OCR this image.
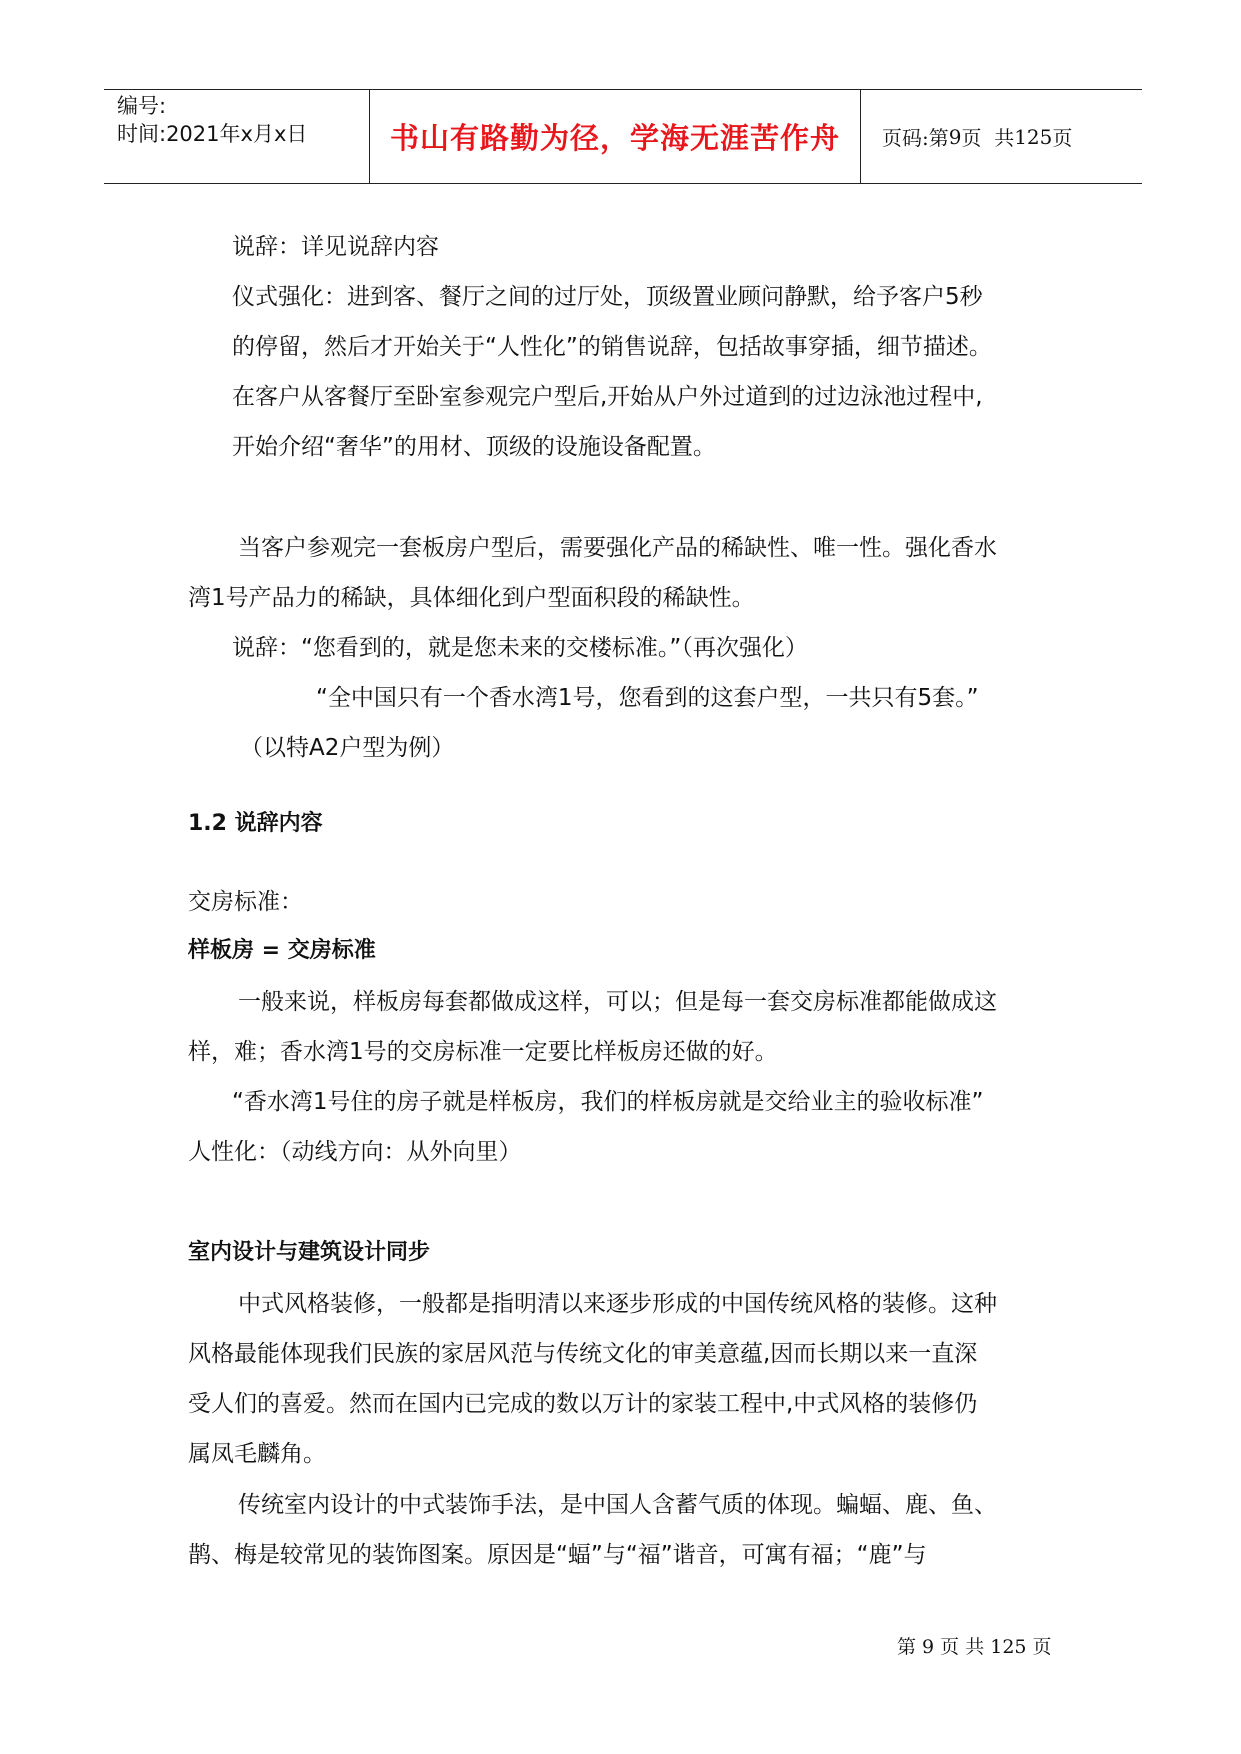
编号:
时间:2021年x月x日	书山有路勤为径，学海无涯苦作舟	页码:第 9 页  共 125 页
说辞：详见说辞内容
仪式强化：进到客、餐厅之间的过厅处，顶级置业顾问静默，给予客户5秒
的停留，然后才开始关于“人性化”的销售说辞，包括故事穿插，细节描述。
在客户从客餐厅至卧室参观完户型后,开始从户外过道到的过边泳池过程中,
开始介绍“奢华”的用材、顶级的设施设备配置。
当客户参观完一套板房户型后，需要强化产品的稀缺性、唯一性。强化香水
湾1号产品力的稀缺，具体细化到户型面积段的稀缺性。
说辞：“您看到的，就是您未来的交楼标准。”（再次强化）
“全中国只有一个香水湾1号，您看到的这套户型，一共只有5套。”
（以特A2户型为例）
1.2 说辞内容
交房标准：
样板房 = 交房标准
一般来说，样板房每套都做成这样，可以；但是每一套交房标准都能做成这
样，难；香水湾1号的交房标准一定要比样板房还做的好。
“香水湾1号住的房子就是样板房，我们的样板房就是交给业主的验收标准”
人性化：（动线方向：从外向里）
室内设计与建筑设计同步
中式风格装修，一般都是指明清以来逐步形成的中国传统风格的装修。这种
风格最能体现我们民族的家居风范与传统文化的审美意蕴,因而长期以来一直深
受人们的喜爱。然而在国内已完成的数以万计的家装工程中,中式风格的装修仍
属凤毛麟角。
传统室内设计的中式装饰手法，是中国人含蓄气质的体现。蝙蝠、鹿、鱼、
鹊、梅是较常见的装饰图案。原因是“蝠”与“福”谐音，可寓有福；“鹿”与
第 9 页 共 125 页
